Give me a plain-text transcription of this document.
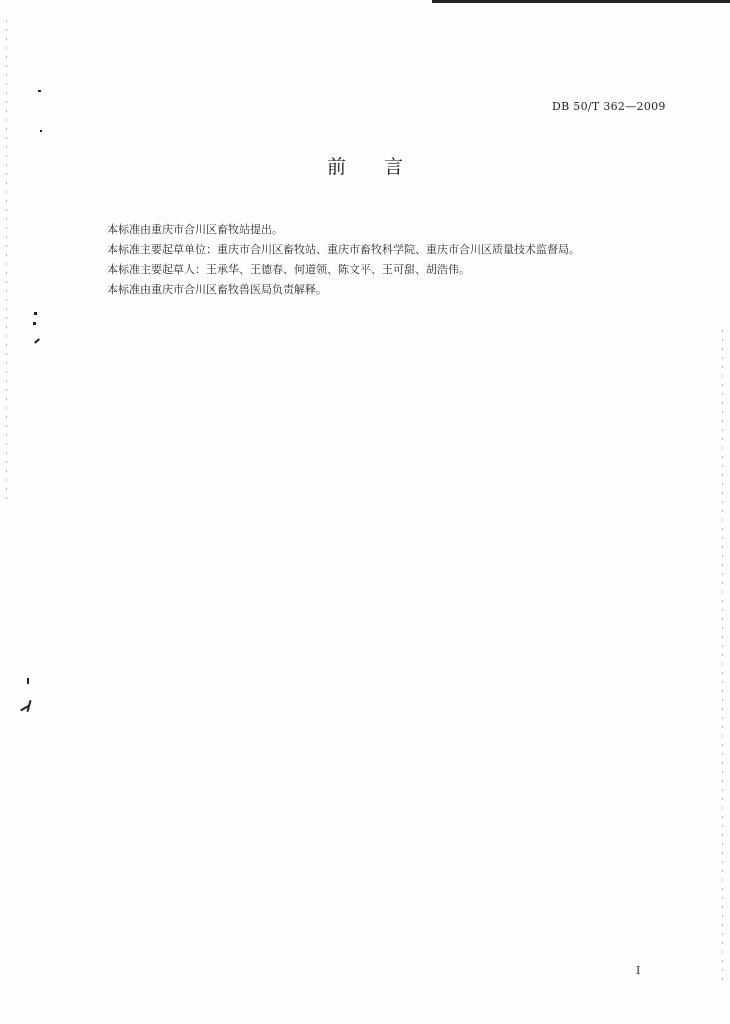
DB 50/T 362—2009
前 言

本标准由重庆市合川区畜牧站提出。

本标准主要起草单位：重庆市合川区畜牧站、重庆市畜牧科学院、重庆市合川区质量技术监督局。

本标准主要起草人：王承华、王德春、何道领、陈文平、王可甜、胡浩伟。

本标准由重庆市合川区畜牧兽医局负责解释。

I
